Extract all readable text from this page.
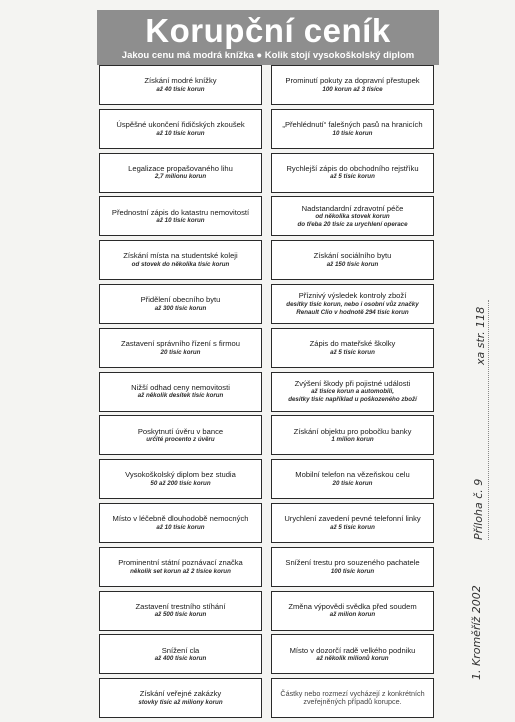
Korupční ceník
Jakou cenu má modrá knížka ● Kolik stojí vysokoškolský diplom
Získání modré knížky
až 40 tisíc korun
Prominutí pokuty za dopravní přestupek
100 korun až 3 tisíce
Úspěšné ukončení řidičských zkoušek
až 10 tisíc korun
„Přehlédnutí“ falešných pasů na hranicích
10 tisíc korun
Legalizace propašovaného lihu
2,7 milionu korun
Rychlejší zápis do obchodního rejstříku
až 5 tisíc korun
Přednostní zápis do katastru nemovitostí
až 10 tisíc korun
Nadstandardní zdravotní péče
od několika stovek korun
do třeba 20 tisíc za urychlení operace
Získání místa na studentské koleji
od stovek do několika tisíc korun
Získání sociálního bytu
až 150 tisíc korun
Přidělení obecního bytu
až 300 tisíc korun
Příznivý výsledek kontroly zboží
desítky tisíc korun, nebo i osobní vůz značky
Renault Clio v hodnotě 294 tisíc korun
Zastavení správního řízení s firmou
20 tisíc korun
Zápis do mateřské školky
až 5 tisíc korun
Nižší odhad ceny nemovitosti
až několik desítek tisíc korun
Zvýšení škody při pojistné události
až tisíce korun a automobili,
desítky tisíc například u poškozeného zboží
Poskytnutí úvěru v bance
určité procento z úvěru
Získání objektu pro pobočku banky
1 milion korun
Vysokoškolský diplom bez studia
50 až 200 tisíc korun
Mobilní telefon na vězeňskou celu
20 tisíc korun
Místo v léčebně dlouhodobě nemocných
až 10 tisíc korun
Urychlení zavedení pevné telefonní linky
až 5 tisíc korun
Prominentní státní poznávací značka
několik set korun až 2 tisíce korun
Snížení trestu pro souzeného pachatele
100 tisíc korun
Zastavení trestního stíhání
až 500 tisíc korun
Změna výpovědi svědka před soudem
až milion korun
Snížení cla
až 400 tisíc korun
Místo v dozorčí radě velkého podniku
až několik milionů korun
Získání veřejné zakázky
stovky tisíc až miliony korun
Částky nebo rozmezí vycházejí z konkrétních zveřejněných případů korupce.
1. Kroměříž 2002
Příloha č. 9
xa str. 118
